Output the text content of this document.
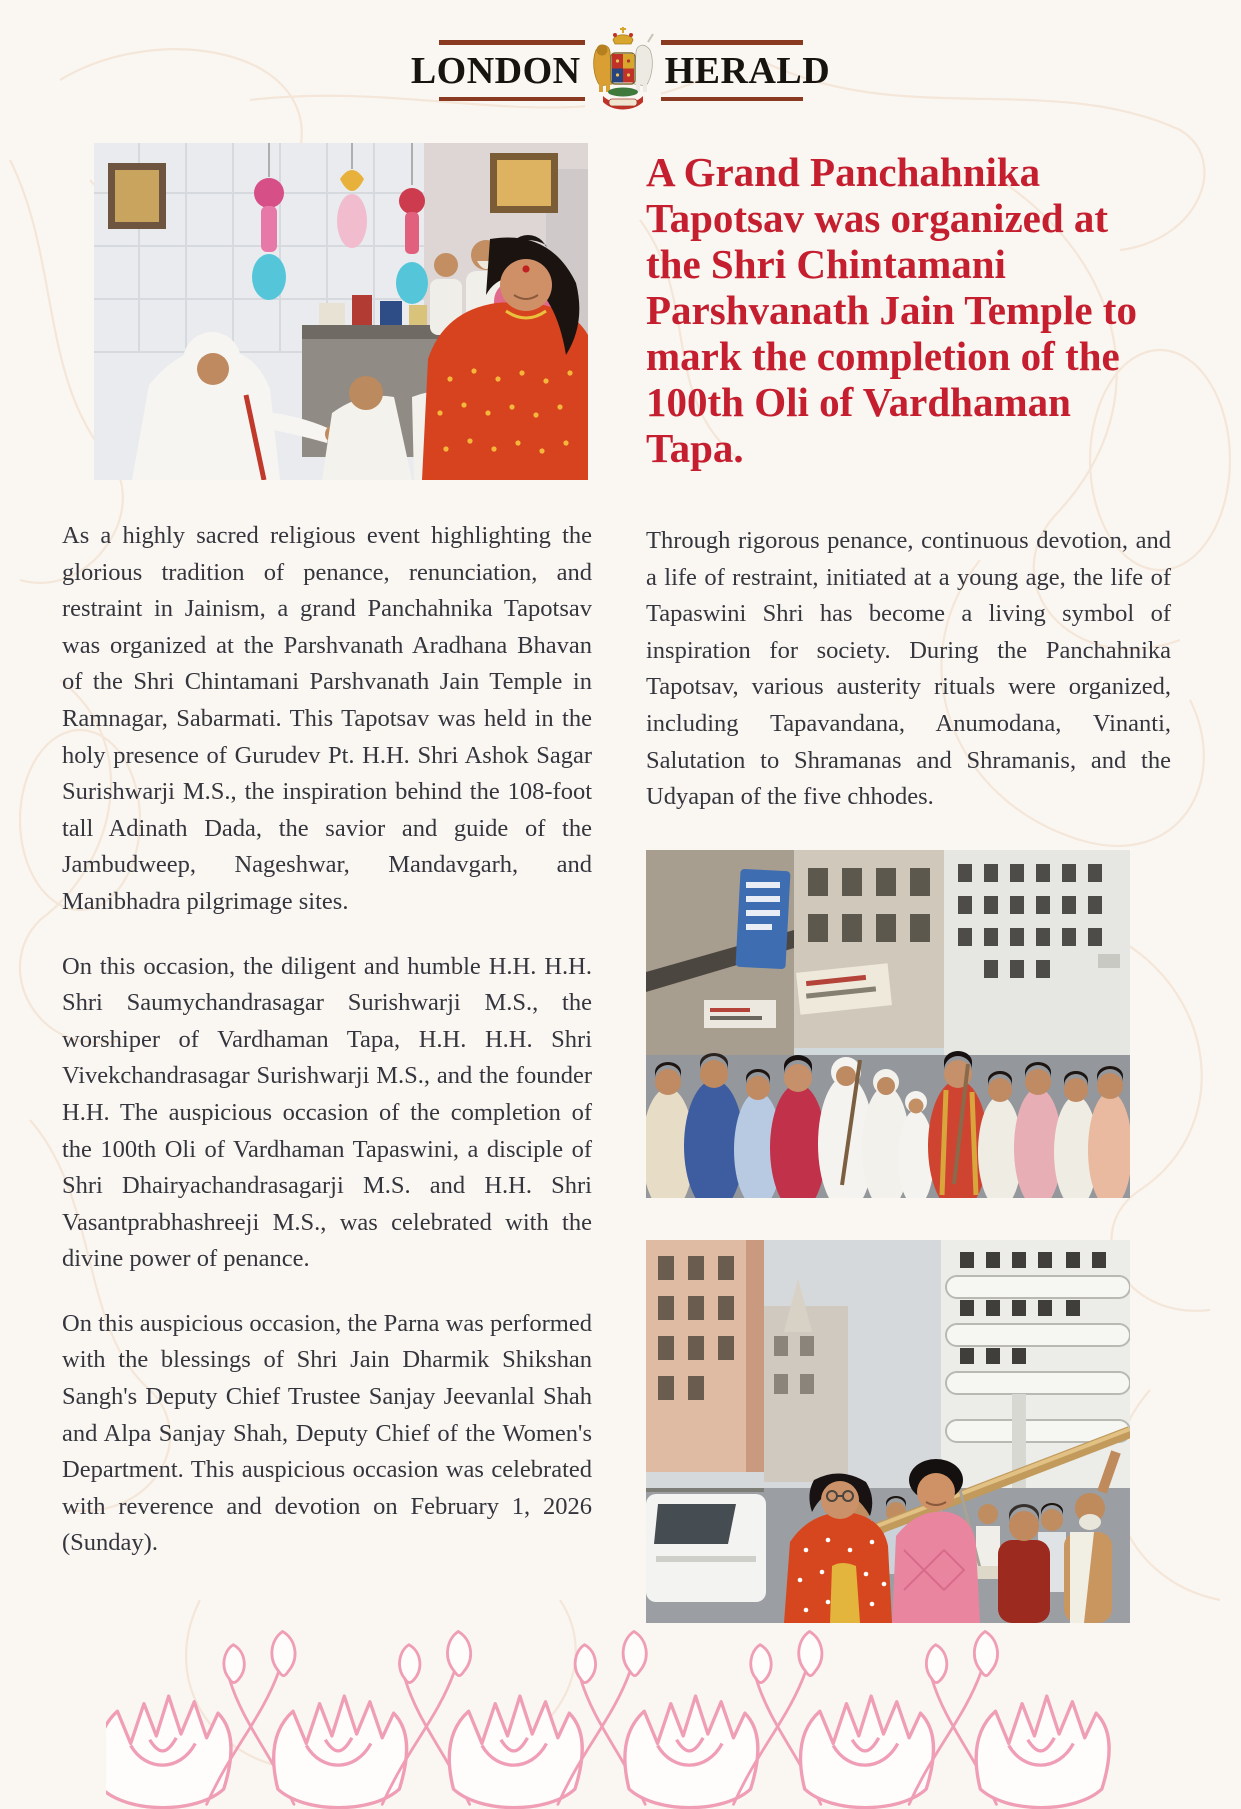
LONDON HERALD

As a highly sacred religious event highlighting the glorious tradition of penance, renunciation, and restraint in Jainism, a grand Panchahnika Tapotsav was organized at the Parshvanath Aradhana Bhavan of the Shri Chintamani Parshvanath Jain Temple in Ramnagar, Sabarmati. This Tapotsav was held in the holy presence of Gurudev Pt. H.H. Shri Ashok Sagar Surishwarji M.S., the inspiration behind the 108-foot tall Adinath Dada, the savior and guide of the Jambudweep, Nageshwar, Mandavgarh, and Manibhadra pilgrimage sites.

On this occasion, the diligent and humble H.H. H.H. Shri Saumychandrasagar Surishwarji M.S., the worshiper of Vardhaman Tapa, H.H. H.H. Shri Vivekchandrasagar Surishwarji M.S., and the founder H.H. The auspicious occasion of the completion of the 100th Oli of Vardhaman Tapaswini, a disciple of Shri Dhairyachandrasagarji M.S. and H.H. Shri Vasantprabhashreeji M.S., was celebrated with the divine power of penance.

On this auspicious occasion, the Parna was performed with the blessings of Shri Jain Dharmik Shikshan Sangh's Deputy Chief Trustee Sanjay Jeevanlal Shah and Alpa Sanjay Shah, Deputy Chief of the Women's Department. This auspicious occasion was celebrated with reverence and devotion on February 1, 2026 (Sunday).

A Grand Panchahnika
Tapotsav was organized at
the Shri Chintamani
Parshvanath Jain Temple to
mark the completion of the
100th Oli of Vardhaman
Tapa.

Through rigorous penance, continuous devotion, and a life of restraint, initiated at a young age, the life of Tapaswini Shri has become a living symbol of inspiration for society. During the Panchahnika Tapotsav, various austerity rituals were organized, including Tapavandana, Anumodana, Vinanti, Salutation to Shramanas and Shramanis, and the Udyapan of the five chhodes.
